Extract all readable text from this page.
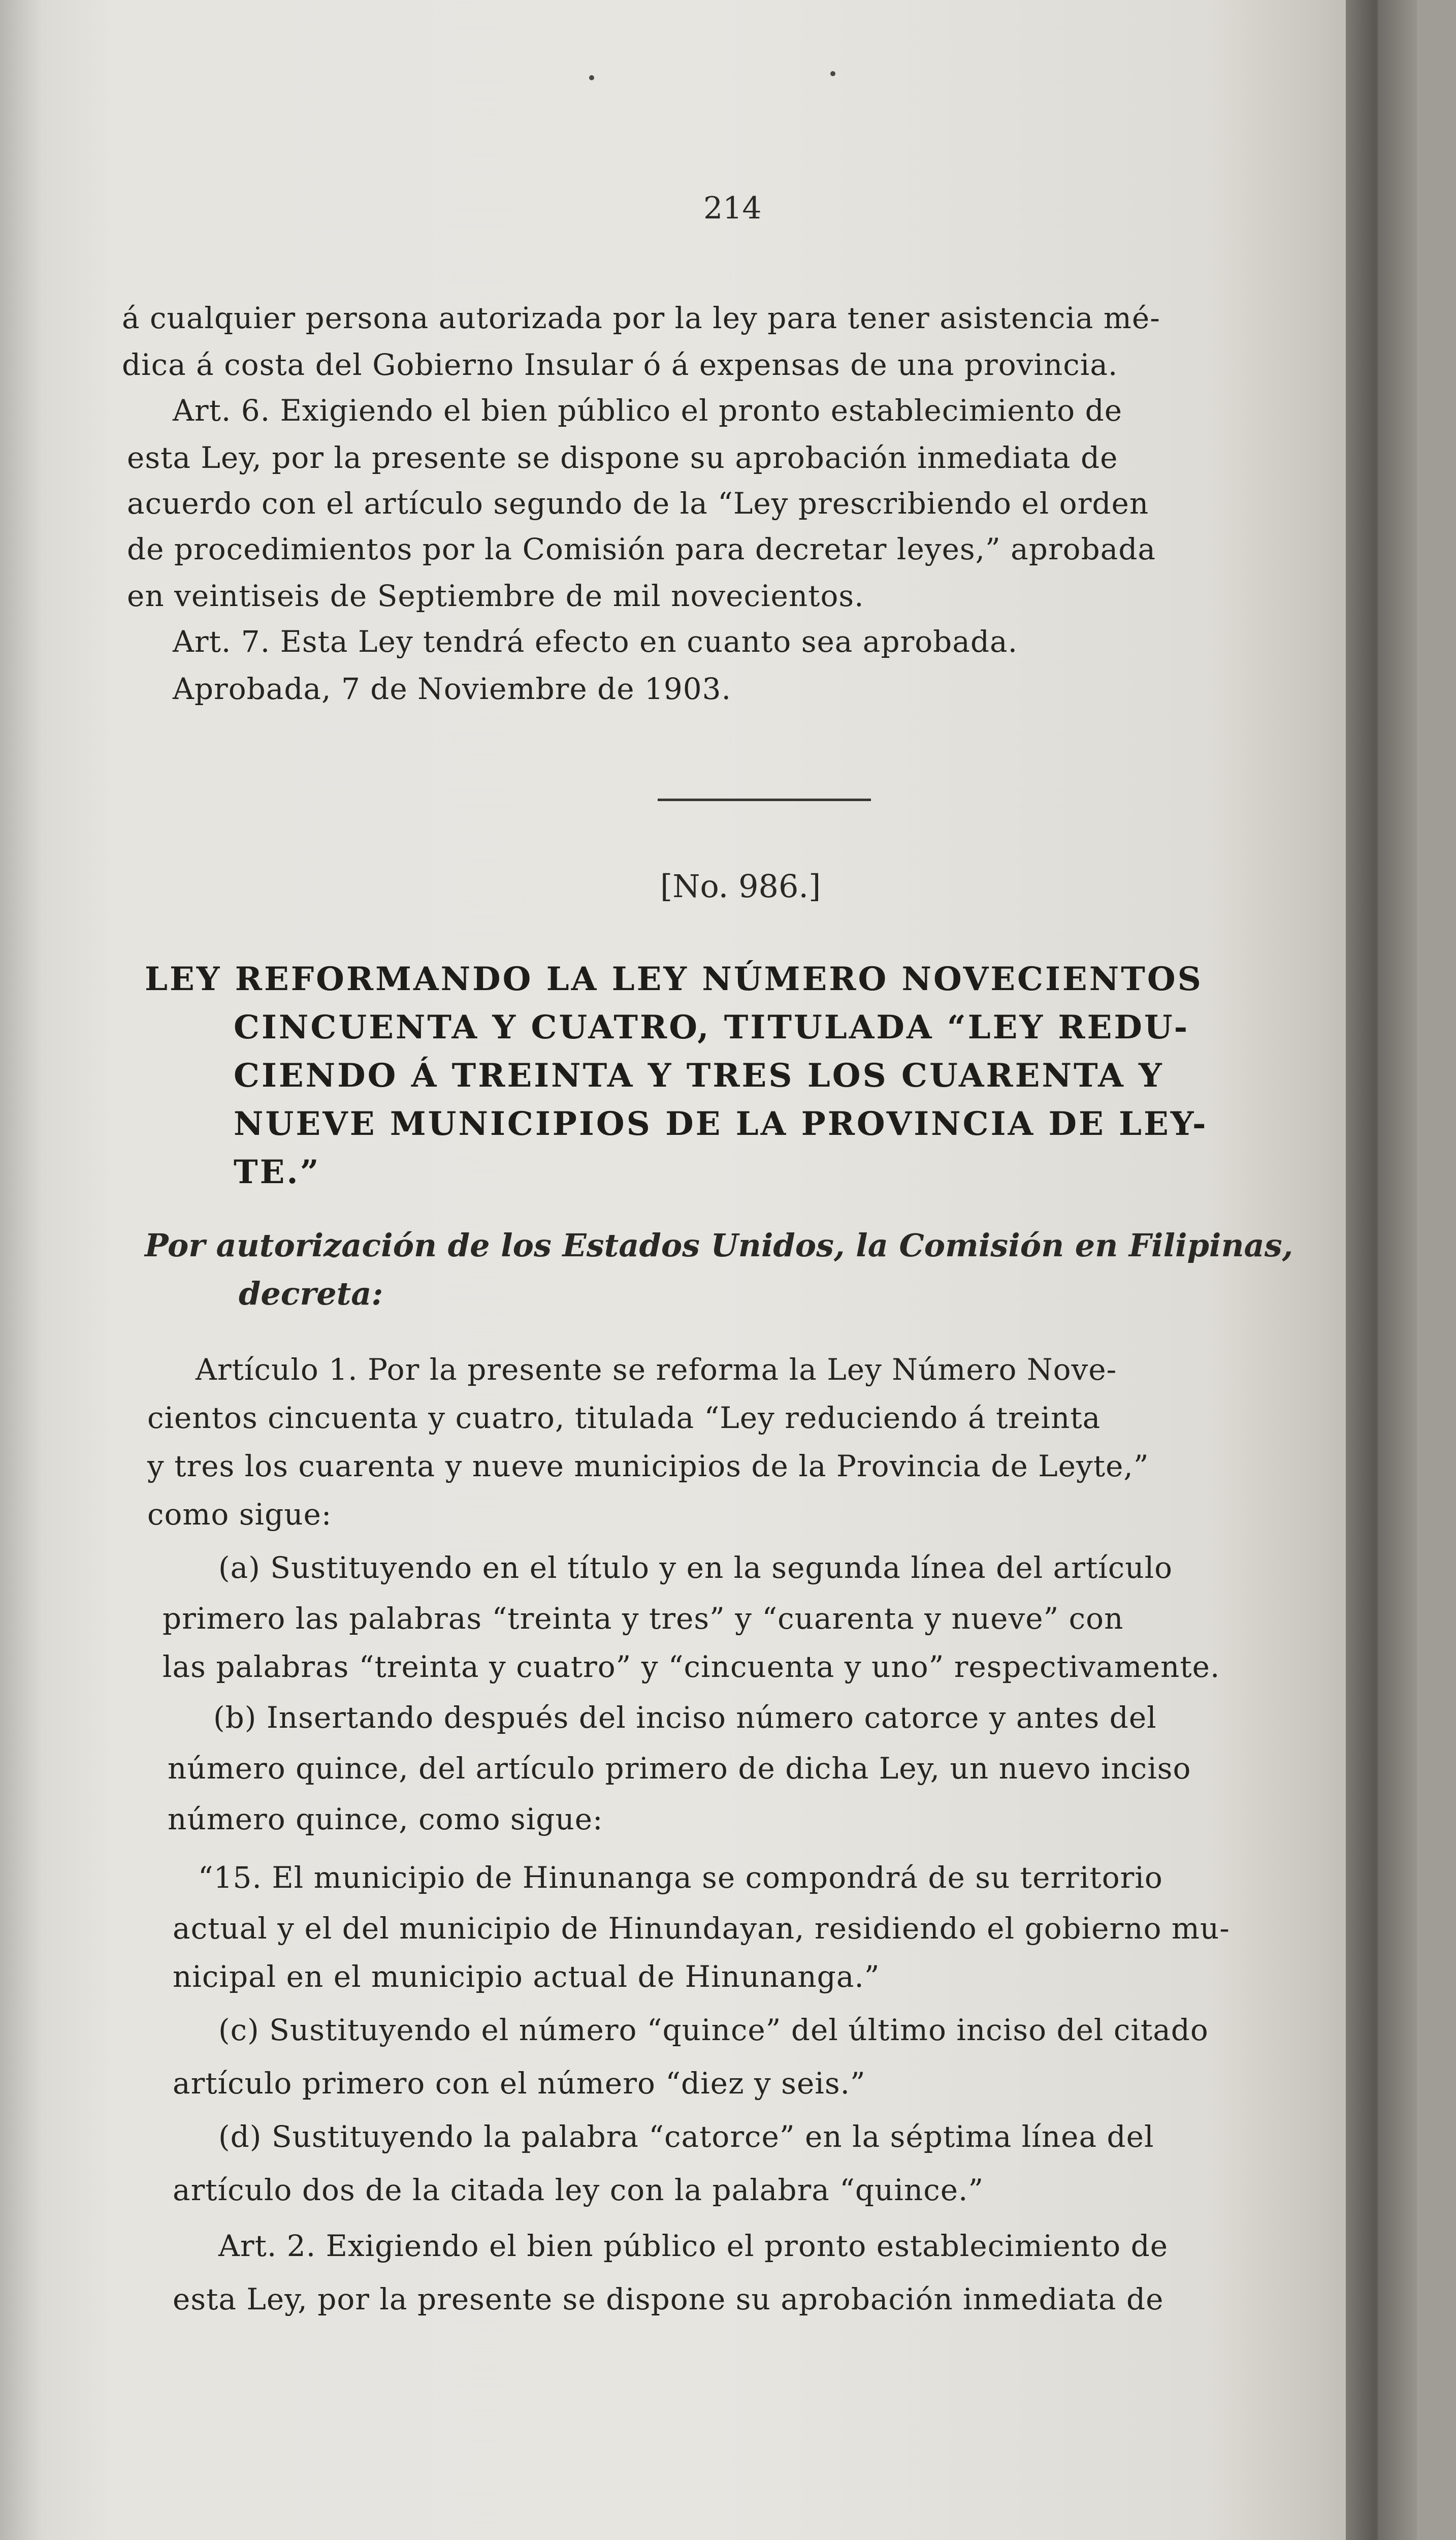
214
á cualquier persona autorizada por la ley para tener asistencia mé-
dica á costa del Gobierno Insular ó á expensas de una provincia.
Art. 6. Exigiendo el bien público el pronto establecimiento de
esta Ley, por la presente se dispone su aprobación inmediata de
acuerdo con el artículo segundo de la “Ley prescribiendo el orden
de procedimientos por la Comisión para decretar leyes,” aprobada
en veintiseis de Septiembre de mil novecientos.
Art. 7. Esta Ley tendrá efecto en cuanto sea aprobada.
Aprobada, 7 de Noviembre de 1903.
[No. 986.]
LEY REFORMANDO LA LEY NÚMERO NOVECIENTOS
CINCUENTA Y CUATRO, TITULADA “LEY REDU-
CIENDO Á TREINTA Y TRES LOS CUARENTA Y
NUEVE MUNICIPIOS DE LA PROVINCIA DE LEY-
TE.”
Por autorización de los Estados Unidos, la Comisión en Filipinas,
decreta:
Artículo 1. Por la presente se reforma la Ley Número Nove-
cientos cincuenta y cuatro, titulada “Ley reduciendo á treinta
y tres los cuarenta y nueve municipios de la Provincia de Leyte,”
como sigue:
(a) Sustituyendo en el título y en la segunda línea del artículo
primero las palabras “treinta y tres” y “cuarenta y nueve” con
las palabras “treinta y cuatro” y “cincuenta y uno” respectivamente.
(b) Insertando después del inciso número catorce y antes del
número quince, del artículo primero de dicha Ley, un nuevo inciso
número quince, como sigue:
“15. El municipio de Hinunanga se compondrá de su territorio
actual y el del municipio de Hinundayan, residiendo el gobierno mu-
nicipal en el municipio actual de Hinunanga.”
(c) Sustituyendo el número “quince” del último inciso del citado
artículo primero con el número “diez y seis.”
(d) Sustituyendo la palabra “catorce” en la séptima línea del
artículo dos de la citada ley con la palabra “quince.”
Art. 2. Exigiendo el bien público el pronto establecimiento de
esta Ley, por la presente se dispone su aprobación inmediata de
